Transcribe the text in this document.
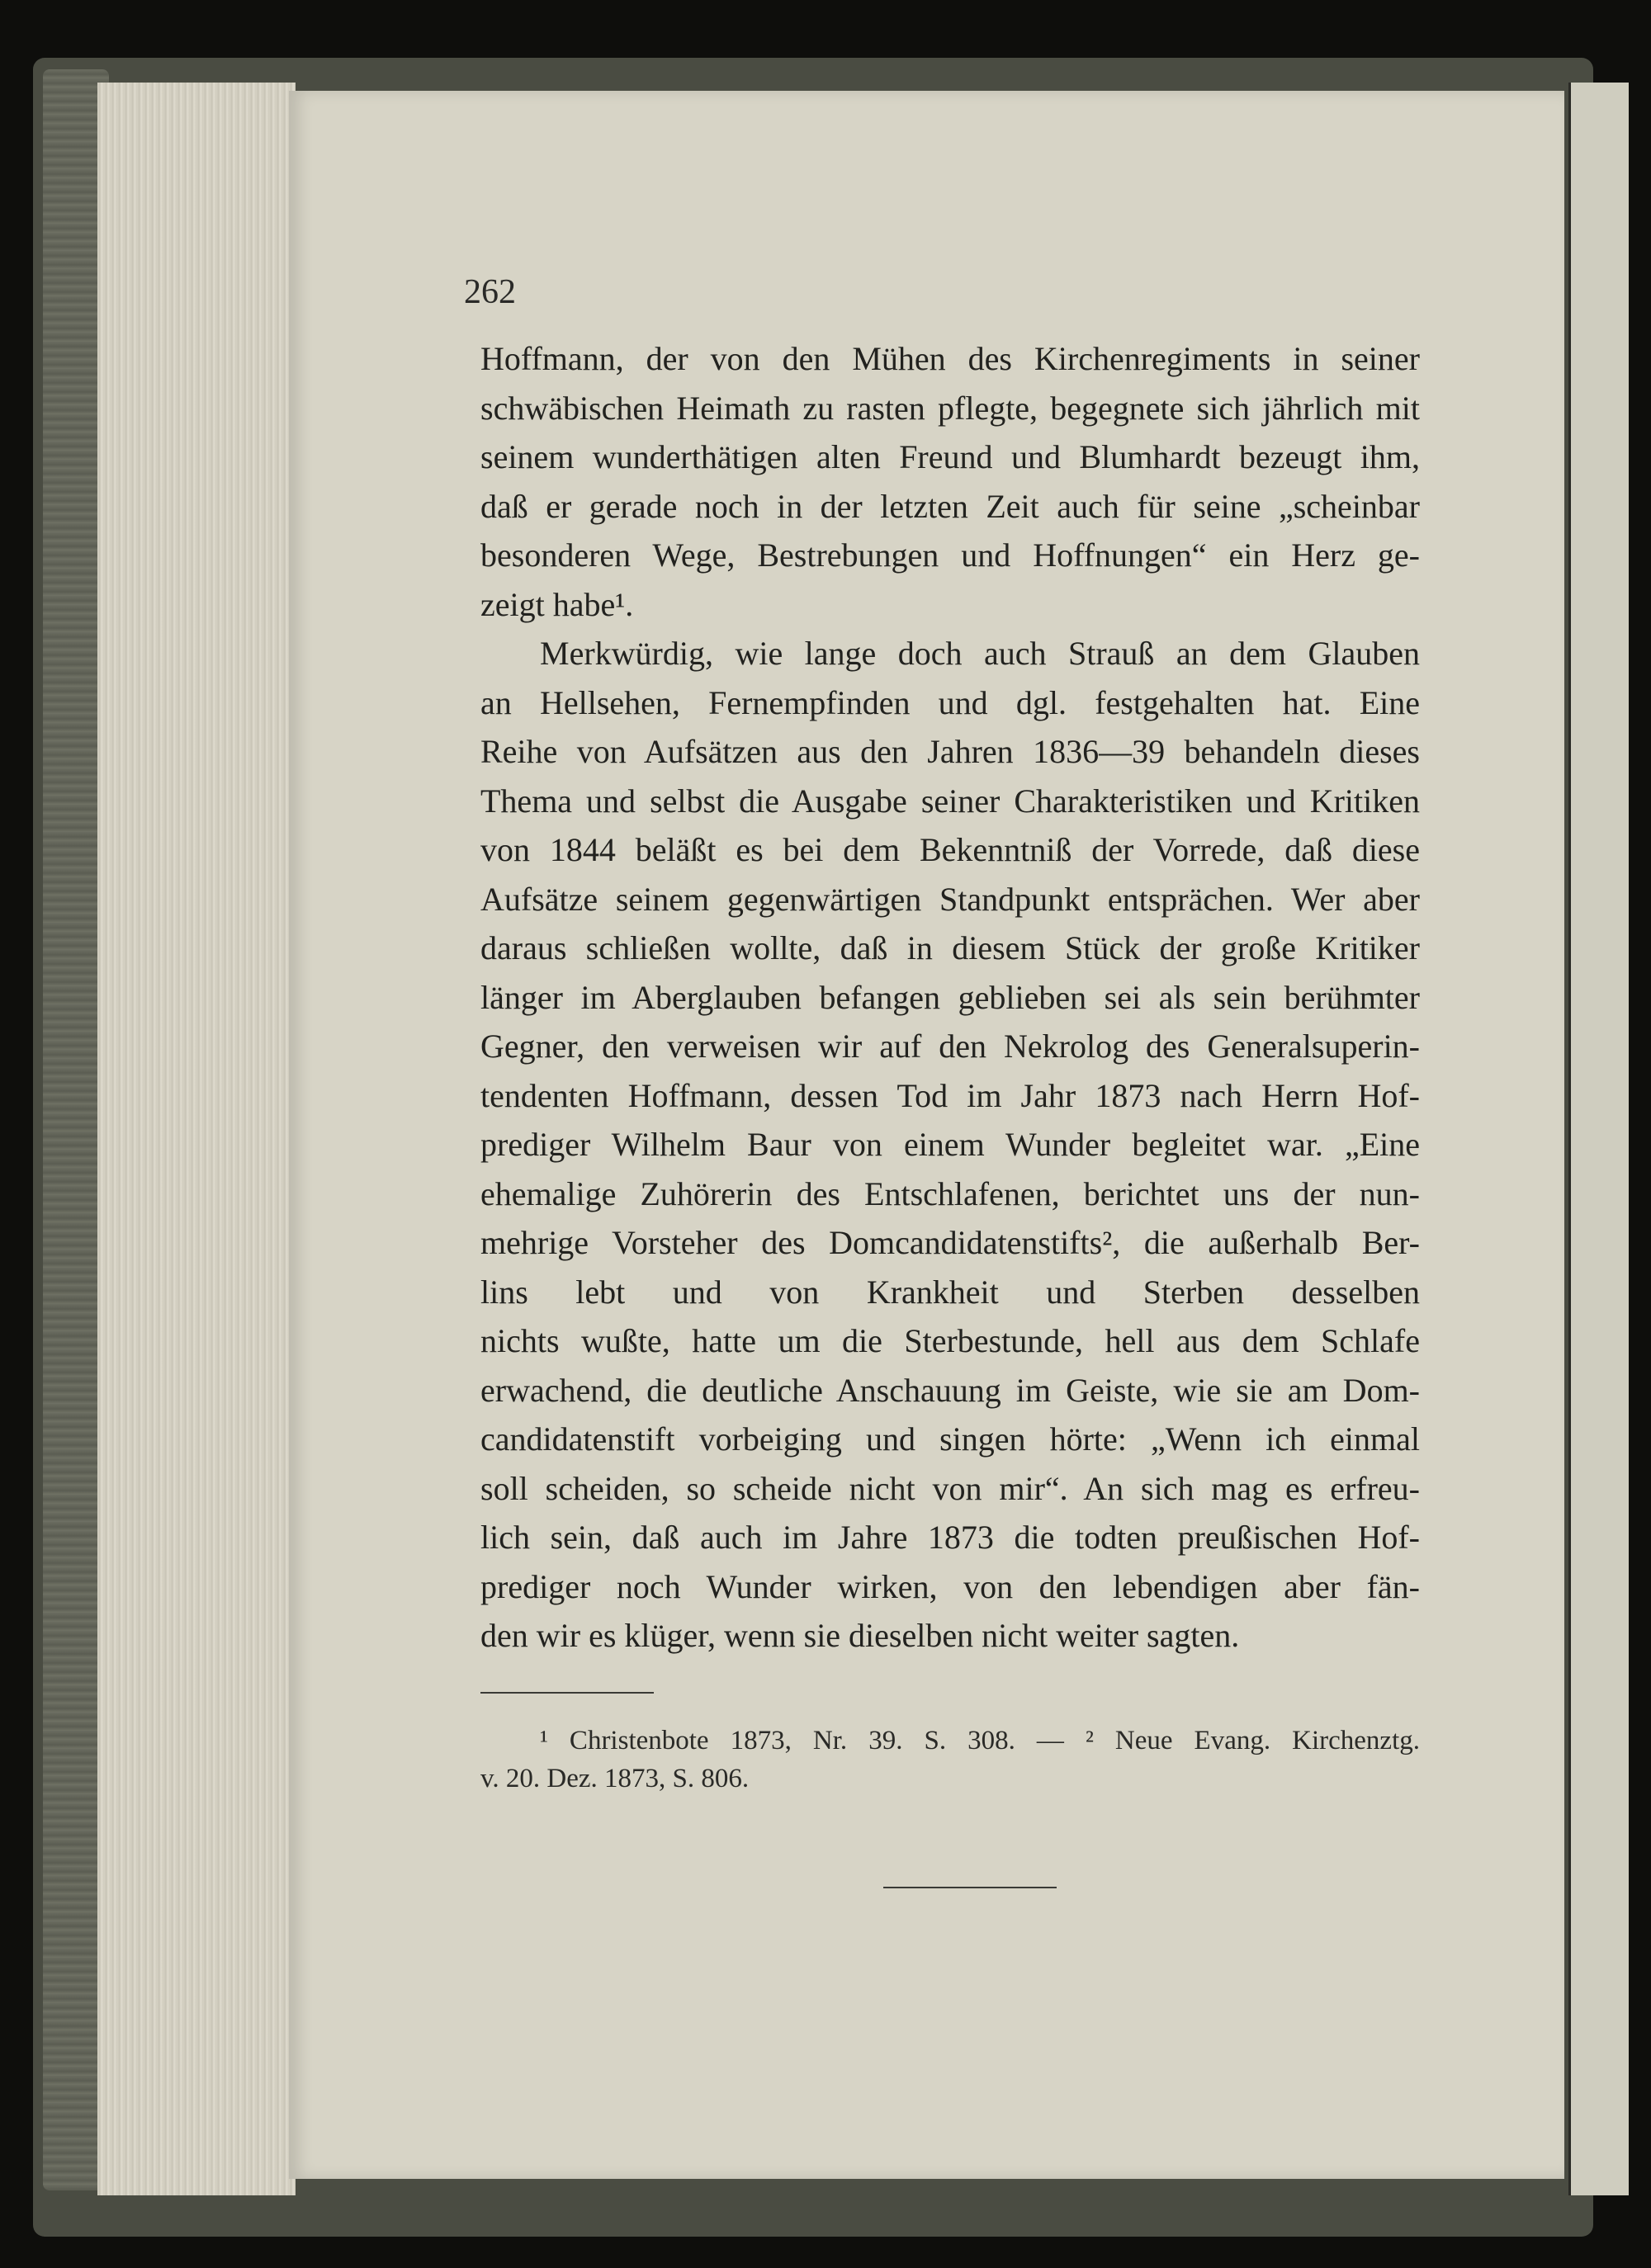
262
Hoffmann, der von den Mühen des Kirchenregiments in seiner
schwäbischen Heimath zu rasten pflegte, begegnete sich jährlich mit
seinem wunderthätigen alten Freund und Blumhardt bezeugt ihm,
daß er gerade noch in der letzten Zeit auch für seine „scheinbar
besonderen Wege, Bestrebungen und Hoffnungen“ ein Herz ge-
zeigt habe¹.
Merkwürdig, wie lange doch auch Strauß an dem Glauben
an Hellsehen, Fernempfinden und dgl. festgehalten hat. Eine
Reihe von Aufsätzen aus den Jahren 1836—39 behandeln dieses
Thema und selbst die Ausgabe seiner Charakteristiken und Kritiken
von 1844 beläßt es bei dem Bekenntniß der Vorrede, daß diese
Aufsätze seinem gegenwärtigen Standpunkt entsprächen. Wer aber
daraus schließen wollte, daß in diesem Stück der große Kritiker
länger im Aberglauben befangen geblieben sei als sein berühmter
Gegner, den verweisen wir auf den Nekrolog des Generalsuperin-
tendenten Hoffmann, dessen Tod im Jahr 1873 nach Herrn Hof-
prediger Wilhelm Baur von einem Wunder begleitet war. „Eine
ehemalige Zuhörerin des Entschlafenen, berichtet uns der nun-
mehrige Vorsteher des Domcandidatenstifts², die außerhalb Ber-
lins lebt und von Krankheit und Sterben desselben
nichts wußte, hatte um die Sterbestunde, hell aus dem Schlafe
erwachend, die deutliche Anschauung im Geiste, wie sie am Dom-
candidatenstift vorbeiging und singen hörte: „Wenn ich einmal
soll scheiden, so scheide nicht von mir“. An sich mag es erfreu-
lich sein, daß auch im Jahre 1873 die todten preußischen Hof-
prediger noch Wunder wirken, von den lebendigen aber fän-
den wir es klüger, wenn sie dieselben nicht weiter sagten.
¹ Christenbote 1873, Nr. 39. S. 308. — ² Neue Evang. Kirchenztg.
v. 20. Dez. 1873, S. 806.
